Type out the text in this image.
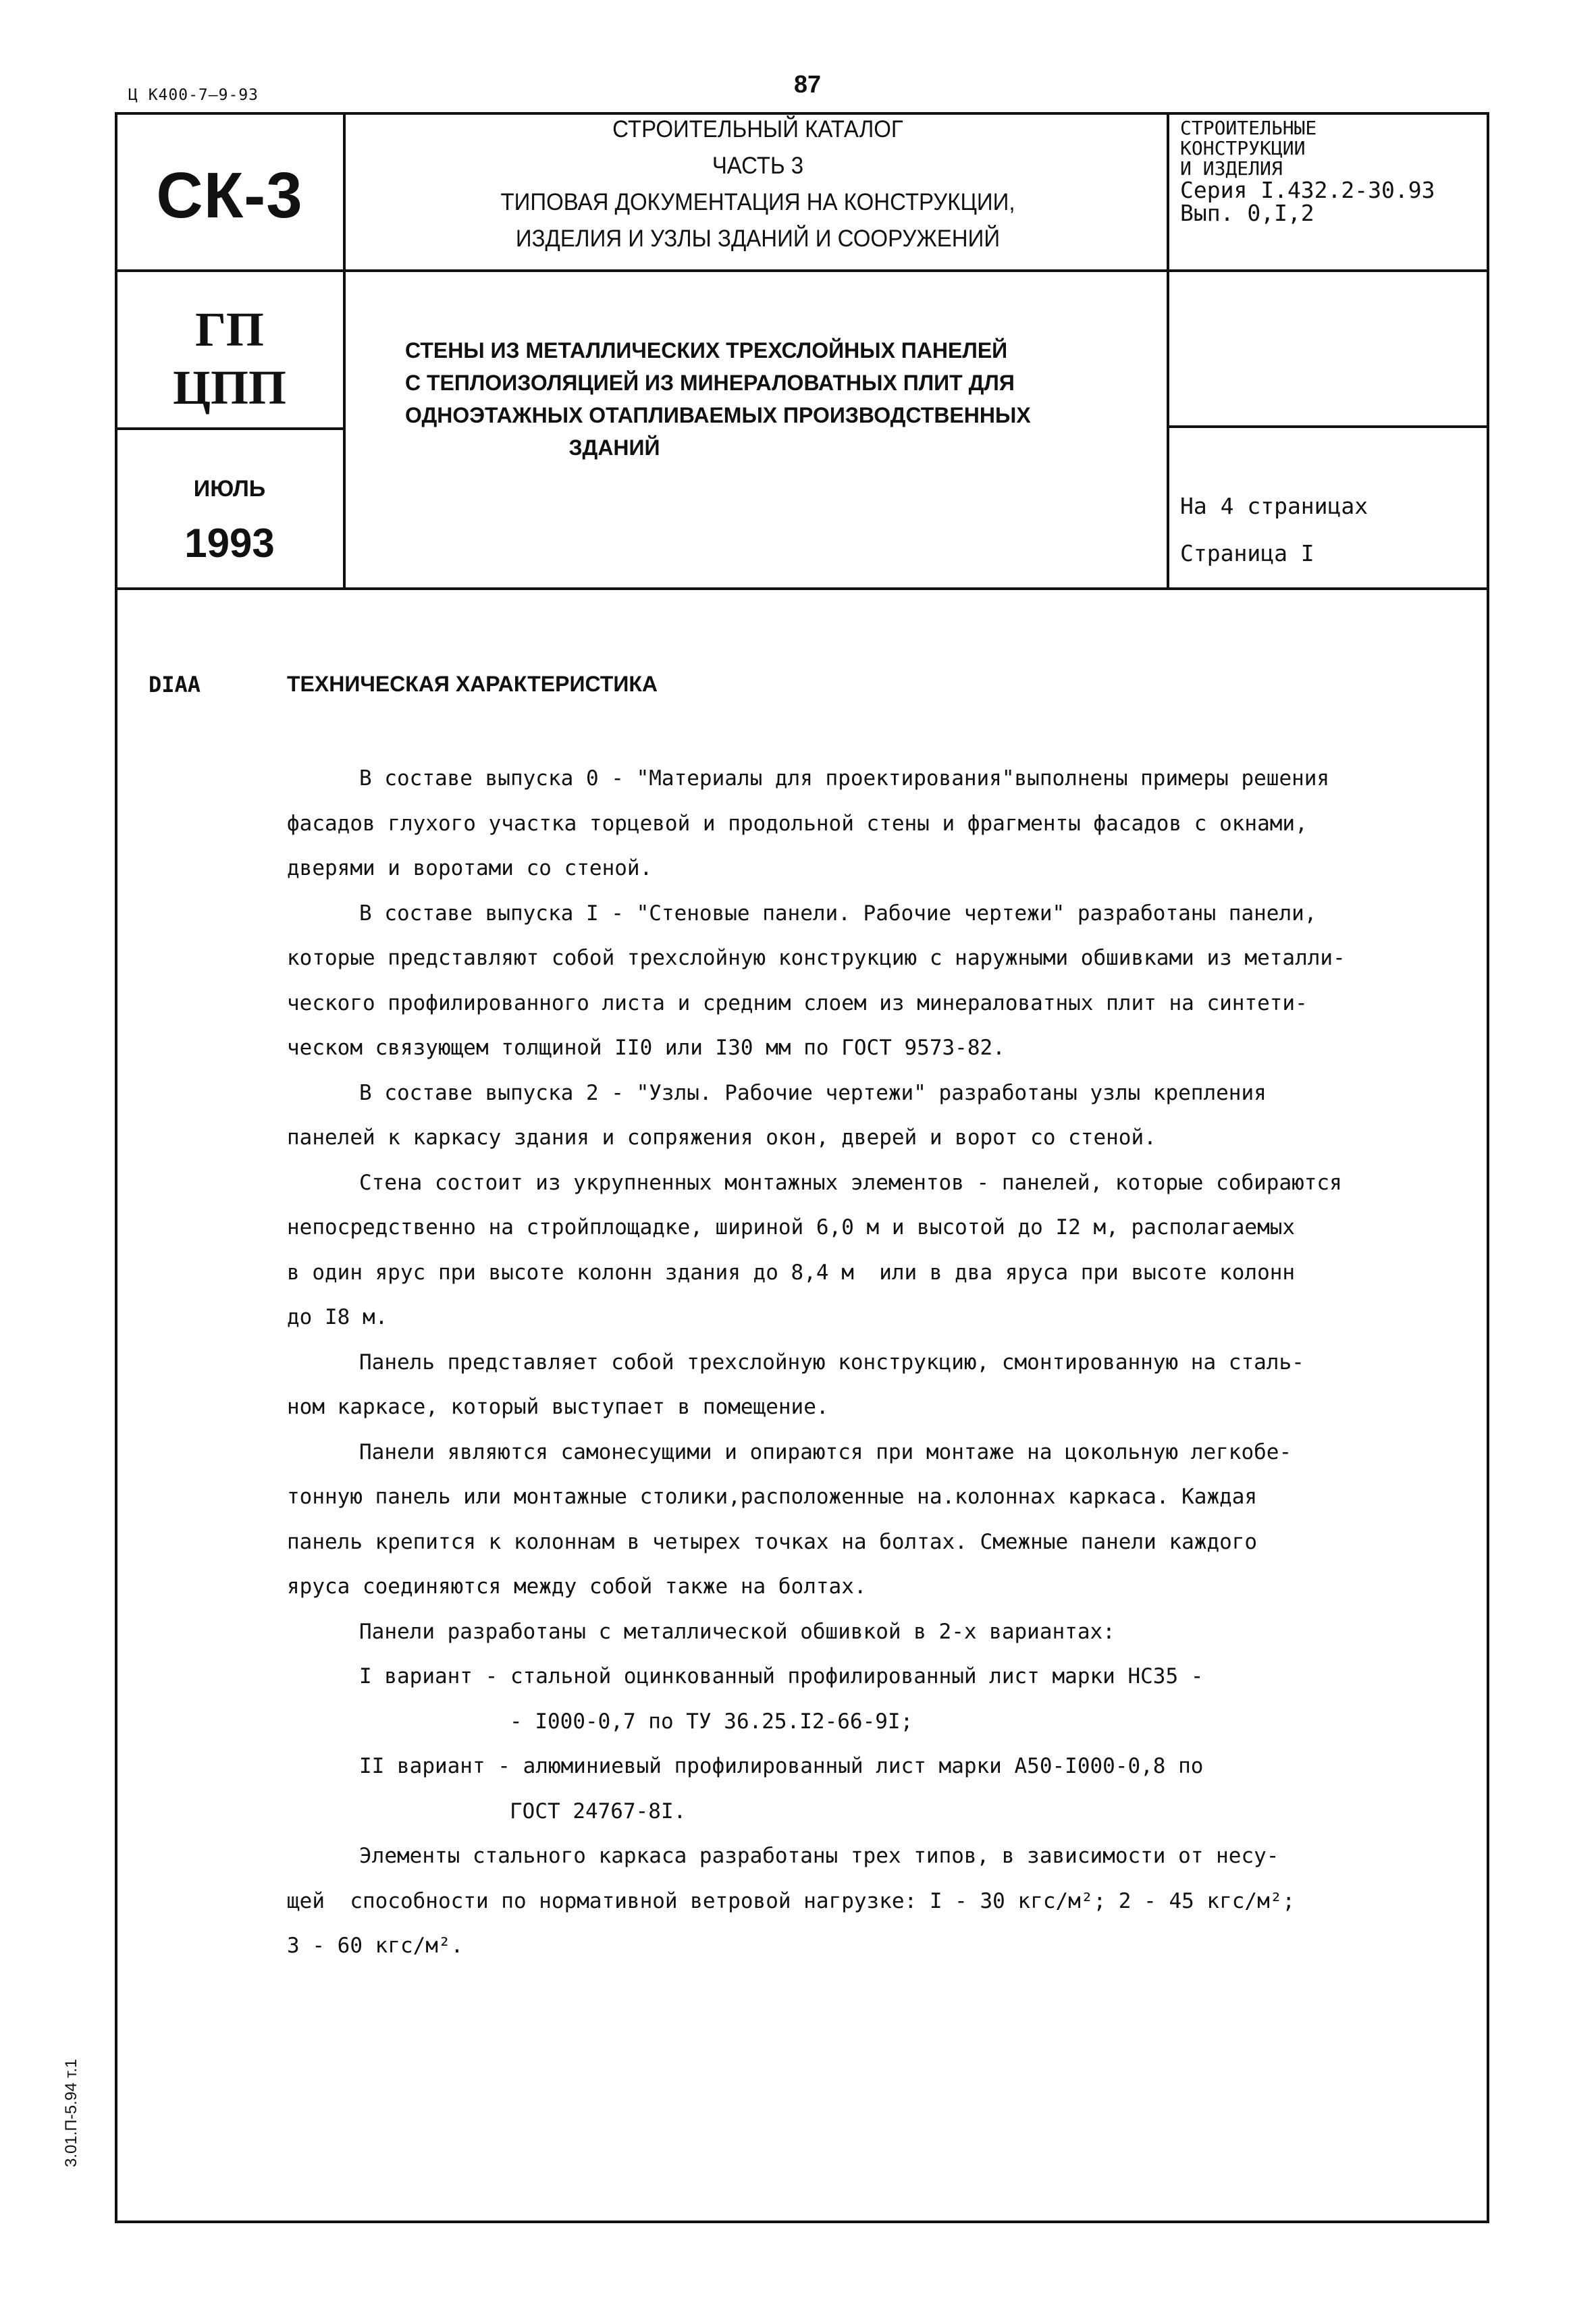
Ц К400-7—9-93	87
СК-3
СТРОИТЕЛЬНЫЙ КАТАЛОГ
ЧАСТЬ 3
ТИПОВАЯ ДОКУМЕНТАЦИЯ НА КОНСТРУКЦИИ,
ИЗДЕЛИЯ И УЗЛЫ ЗДАНИЙ И СООРУЖЕНИЙ
СТРОИТЕЛЬНЫЕ
КОНСТРУКЦИИ
И ИЗДЕЛИЯ
Серия I.432.2-30.93
Вып. 0,I,2
ГП
ЦПП
СТЕНЫ ИЗ МЕТАЛЛИЧЕСКИХ ТРЕХСЛОЙНЫХ ПАНЕЛЕЙ
С ТЕПЛОИЗОЛЯЦИЕЙ ИЗ МИНЕРАЛОВАТНЫХ ПЛИТ ДЛЯ
ОДНОЭТАЖНЫХ ОТАПЛИВАЕМЫХ ПРОИЗВОДСТВЕННЫХ
ЗДАНИЙ
ИЮЛЬ
1993
На 4 страницах
Страница I
DIAA	ТЕХНИЧЕСКАЯ ХАРАКТЕРИСТИКА

В составе выпуска 0 - "Материалы для проектирования"выполнены примеры решения

фасадов глухого участка торцевой и продольной стены и фрагменты фасадов с окнами,

дверями и воротами со стеной.

В составе выпуска I - "Стеновые панели. Рабочие чертежи" разработаны панели,

которые представляют собой трехслойную конструкцию с наружными обшивками из металли-

ческого профилированного листа и средним слоем из минераловатных плит на синтети-

ческом связующем толщиной II0 или I30 мм по ГОСТ 9573-82.

В составе выпуска 2 - "Узлы. Рабочие чертежи" разработаны узлы крепления

панелей к каркасу здания и сопряжения окон, дверей и ворот со стеной.

Стена состоит из укрупненных монтажных элементов - панелей, которые собираются

непосредственно на стройплощадке, шириной 6,0 м и высотой до I2 м, располагаемых

в один ярус при высоте колонн здания до 8,4 м  или в два яруса при высоте колонн

до I8 м.

Панель представляет собой трехслойную конструкцию, смонтированную на сталь-

ном каркасе, который выступает в помещение.

Панели являются самонесущими и опираются при монтаже на цокольную легкобе-

тонную панель или монтажные столики,расположенные на.колоннах каркаса. Каждая

панель крепится к колоннам в четырех точках на болтах. Смежные панели каждого

яруса соединяются между собой также на болтах.

Панели разработаны с металлической обшивкой в 2-х вариантах:

I вариант - стальной оцинкованный профилированный лист марки НС35 -

- I000-0,7 по ТУ 36.25.I2-66-9I;

II вариант - алюминиевый профилированный лист марки А50-I000-0,8 по

ГОСТ 24767-8I.

Элементы стального каркаса разработаны трех типов, в зависимости от несу-

щей  способности по нормативной ветровой нагрузке: I - 30 кгс/м²; 2 - 45 кгс/м²;

3 - 60 кгс/м².

3.01.П-5.94 т.1
